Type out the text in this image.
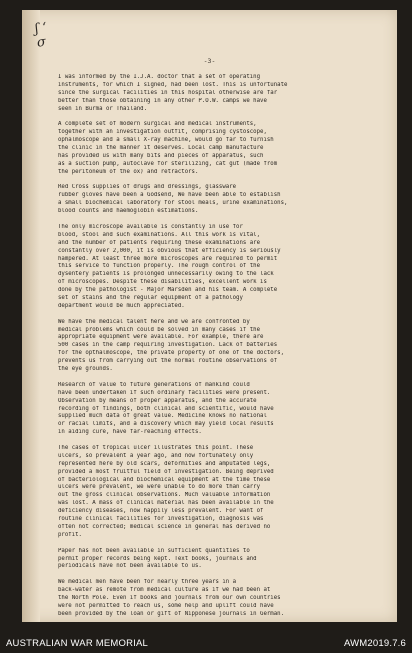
ʃ ‘
σ
-3-
I was informed by the I.J.A. doctor that a set of operating
instruments, for which I signed, had been lost. This is unfortunate
since the surgical facilities in this hospital otherwise are far
better than those obtaining in any other P.O.W. camps we have
seen in Burma or Thailand.
A complete set of modern surgical and medical instruments,
together with an investigation outfit, comprising cystoscope,
ophalmoscope and a small X-ray machine, would go far to furnish
the clinic in the manner it deserves. Local camp manufacture
has provided us with many bits and pieces of apparatus, such
as a suction pump, autoclave for sterilizing, cat gut (made from
the peritoneum of the ox) and retractors.
Red Cross supplies of drugs and dressings, glassware
rubber gloves have been a Godsend, We have been able to establish
a small biochemical laboratory for stool meals, urine examinations,
blood counts and haemoglobin estimations.
The only microscope available is constantly in use for
blood, stool and such examinations. All this work is vital,
and the number of patients requiring these examinations are
constantly over 2,000, it is obvious that efficiency is seriously
hampered. At least three more microscopes are required to permit
this service to function properly. The rough control of the
dysentery patients is prolonged unnecessarily owing to the lack
of microscopes. Despite these disabilities, excellent work is
done by the pathologist - Major Marsden and his team. A complete
set of stains and the regular equipment of a pathology
department would be much appreciated.
We have the medical talent here and we are confronted by
medical problems which could be solved in many cases if the
appropriate equipment were available. For example, there are
500 cases in the camp requiring investigation. Lack of batteries
for the opthalmoscope, the private property of one of the doctors,
prevents us from carrying out the normal routine observations of
the eye grounds.
Research of value to future generations of mankind could
have been undertaken if such ordinary facilities were present.
Observation by means of proper apparatus, and the accurate
recording of findings, both clinical and scientific, would have
supplied much data of great value. Medicine knows no national
or racial limits, and a discovery which may yield local results
in aiding cure, have far-reaching effects.
The cases of tropical ulcer illustrates this point. These
ulcers, so prevalent a year ago, and now fortunately only
represented here by old scars, deformities and amputated legs,
provided a most fruitful field of investigation. Being deprived
of bacteriological and biochemical equipment at the time these
ulcers were prevalent, we were unable to do more than carry
out the gross clinical observations. Much valuable information
was lost. A mass of clinical material has been available in the
deficiency diseases, now happily less prevalent. For want of
routine clinical facilities for investigation, diagnosis was
often not corrected; medical science in general has derived no
profit.
Paper has not been available in sufficient quantities to
permit proper records being kept. Text books, journals and
periodicals have not been available to us.
We medical men have been for nearly three years in a
back-water as remote from medical culture as if we had been at
the North Pole. Even if books and journals from our own countries
were not permitted to reach us, some help and uplift could have
been provided by the loan or gift of Nipponese journals in German.
AUSTRALIAN WAR MEMORIAL	AWM2019.7.6
